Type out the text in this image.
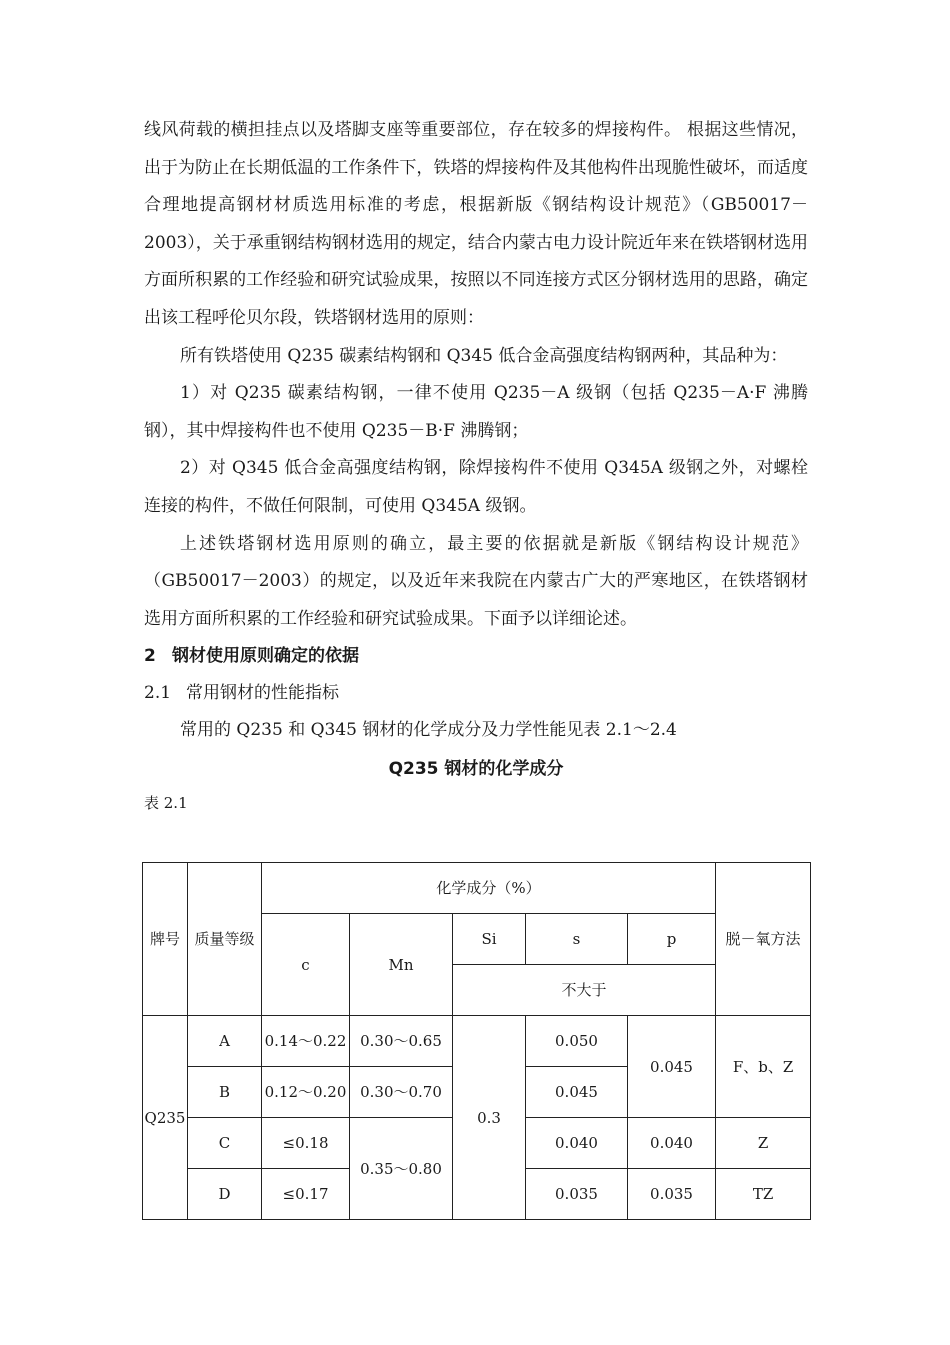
线风荷载的横担挂点以及塔脚支座等重要部位，存在较多的焊接构件。 根据这些情况，出于为防止在长期低温的工作条件下，铁塔的焊接构件及其他构件出现脆性破坏，而适度合理地提高钢材材质选用标准的考虑，根据新版《钢结构设计规范》（GB50017－2003），关于承重钢结构钢材选用的规定，结合内蒙古电力设计院近年来在铁塔钢材选用方面所积累的工作经验和研究试验成果，按照以不同连接方式区分钢材选用的思路，确定出该工程呼伦贝尔段，铁塔钢材选用的原则：

所有铁塔使用 Q235 碳素结构钢和 Q345 低合金高强度结构钢两种，其品种为：

1）对 Q235 碳素结构钢，一律不使用 Q235－A 级钢（包括 Q235－A·F 沸腾钢），其中焊接构件也不使用 Q235－B·F 沸腾钢；

2）对 Q345 低合金高强度结构钢，除焊接构件不使用 Q345A 级钢之外，对螺栓连接的构件，不做任何限制，可使用 Q345A 级钢。

上述铁塔钢材选用原则的确立，最主要的依据就是新版《钢结构设计规范》（GB50017－2003）的规定，以及近年来我院在内蒙古广大的严寒地区，在铁塔钢材选用方面所积累的工作经验和研究试验成果。下面予以详细论述。

2 钢材使用原则确定的依据

2.1 常用钢材的性能指标

常用的 Q235 和 Q345 钢材的化学成分及力学性能见表 2.1～2.4

Q235 钢材的化学成分

表 2.1

牌号	质量等级	化学成分（%）					脱－氧方法
		c	Mn	Si	s	p	
				不大于			
Q235	A	0.14～0.22	0.30～0.65	0.3	0.050	0.045	F、b、Z
	B	0.12～0.20	0.30～0.70		0.045		
	C	≤0.18	0.35～0.80		0.040	0.040	Z
	D	≤0.17			0.035	0.035	TZ
